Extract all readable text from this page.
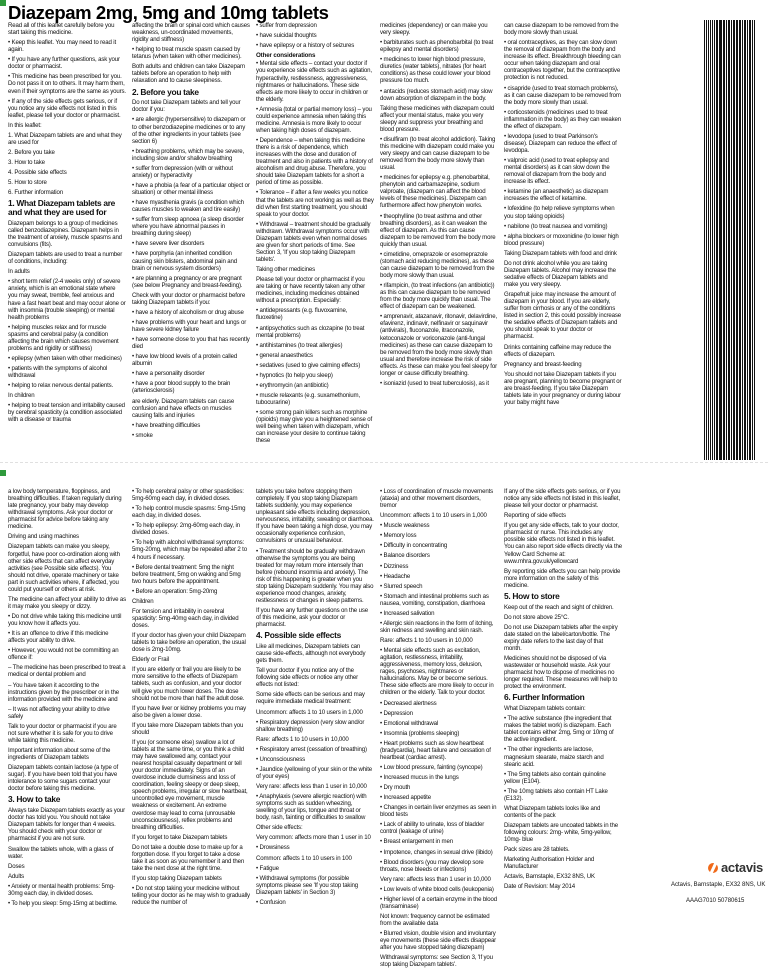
Diazepam 2mg, 5mg and 10mg tablets

Read all of this leaflet carefully before you start taking this medicine.

• Keep this leaflet. You may need to read it again.

• If you have any further questions, ask your doctor or pharmacist.

• This medicine has been prescribed for you. Do not pass it on to others. It may harm them, even if their symptoms are the same as yours.

• If any of the side effects gets serious, or if you notice any side effects not listed in this leaflet, please tell your doctor or pharmacist.

In this leaflet:

1. What Diazepam tablets are and what they are used for

2. Before you take

3. How to take

4. Possible side effects

5. How to store

6. Further information

1. What Diazepam tablets are and what they are used for

Diazepam belongs to a group of medicines called benzodiazepines. Diazepam helps in the treatment of anxiety, muscle spasms and convulsions (fits).

Diazepam tablets are used to treat a number of conditions, including:

In adults

• short term relief (2-4 weeks only) of severe anxiety, which is an emotional state where you may sweat, tremble, feel anxious and have a fast heart beat and may occur alone or with insomnia (trouble sleeping) or mental health problems

• helping muscles relax and for muscle spasms and cerebral palsy (a condition affecting the brain which causes movement problems and rigidity or stiffness)

• epilepsy (when taken with other medicines)

• patients with the symptoms of alcohol withdrawal

• helping to relax nervous dental patients.

In children

• helping to treat tension and irritability caused by cerebral spasticity (a condition associated with a disease or trauma

affecting the brain or spinal cord which causes weakness, un-coordinated movements, rigidity and stiffness)

• helping to treat muscle spasm caused by tetanus (when taken with other medicines).

Both adults and children can take Diazepam tablets before an operation to help with relaxation and to cause sleepiness.

2. Before you take

Do not take Diazepam tablets and tell your doctor if you:

• are allergic (hypersensitive) to diazepam or to other benzodiazepine medicines or to any of the other ingredients in your tablets (see section 6)

• breathing problems, which may be severe, including slow and/or shallow breathing

• suffer from depression (with or without anxiety) or hyperactivity

• have a phobia (a fear of a particular object or situation) or other mental illness

• have myasthenia gravis (a condition which causes muscles to weaken and tire easily)

• suffer from sleep apnoea (a sleep disorder where you have abnormal pauses in breathing during sleep)

• have severe liver disorders

• have porphyria (an inherited condition causing skin blisters, abdominal pain and brain or nervous system disorders)

• are planning a pregnancy or are pregnant (see below Pregnancy and breast-feeding).

Check with your doctor or pharmacist before taking Diazepam tablets if you:

• have a history of alcoholism or drug abuse

• have problems with your heart and lungs or have severe kidney failure

• have someone close to you that has recently died

• have low blood levels of a protein called albumin

• have a personality disorder

• have a poor blood supply to the brain (arteriosclerosis)

are elderly. Diazepam tablets can cause confusion and have effects on muscles causing falls and injuries

• have breathing difficulties

• smoke

• suffer from depression

• have suicidal thoughts

• have epilepsy or a history of seizures

Other considerations

• Mental side effects – contact your doctor if you experience side effects such as agitation, hyperactivity, restlessness, aggressiveness, nightmares or hallucinations. These side effects are more likely to occur in children or the elderly.

• Amnesia (total or partial memory loss) – you could experience amnesia when taking this medicine. Amnesia is more likely to occur when taking high doses of diazepam.

• Dependence – when taking this medicine there is a risk of dependence, which increases with the dose and duration of treatment and also in patients with a history of alcoholism and drug abuse. Therefore, you should take Diazepam tablets for a short a period of time as possible.

• Tolerance – if after a few weeks you notice that the tablets are not working as well as they did when first starting treatment, you should speak to your doctor.

• Withdrawal – treatment should be gradually withdrawn. Withdrawal symptoms occur with Diazepam tablets even when normal doses are given for short periods of time. See Section 3, 'If you stop taking Diazepam tablets'.

Taking other medicines

Please tell your doctor or pharmacist if you are taking or have recently taken any other medicines, including medicines obtained without a prescription. Especially:

• antidepressants (e.g. fluvoxamine, fluoxetine)

• antipsychotics such as clozapine (to treat mental problems)

• antihistamines (to treat allergies)

• general anaesthetics

• sedatives (used to give calming effects)

• hypnotics (to help you sleep)

• erythromycin (an antibiotic)

• muscle relaxants (e.g. suxamethonium, tubocurarine)

• some strong pain killers such as morphine (opioids) may give you a heightened sense of well being when taken with diazepam, which can increase your desire to continue taking these

medicines (dependency) or can make you very sleepy.

• barbiturates such as phenobarbital (to treat epilepsy and mental disorders)

• medicines to lower high blood pressure, diuretics (water tablets), nitrates (for heart conditions) as these could lower your blood pressure too much.

• antacids (reduces stomach acid) may slow down absorption of diazepam in the body.

Taking these medicines with diazepam could affect your mental status, make you very sleepy and suppress your breathing and blood pressure.

• disulfiram (to treat alcohol addiction). Taking this medicine with diazepam could make you very sleepy and can cause diazepam to be removed from the body more slowly than usual.

• medicines for epilepsy e.g. phenobarbital, phenytoin and carbamazepine, sodium valproate, (diazepam can affect the blood levels of these medicines). Diazepam can furthermore affect how phenytoin works.

• theophylline (to treat asthma and other breathing disorders), as it can weaken the effect of diazepam. As this can cause diazepam to be removed from the body more quickly than usual.

• cimetidine, omeprazole or esomeprazole (stomach acid reducing medicines), as these can cause diazepam to be removed from the body more slowly than usual.

• rifampicin, (to treat infections (an antibiotic)) as this can cause diazepam to be removed from the body more quickly than usual. The effect of diazepam can be weakened.

• amprenavir, atazanavir, ritonavir, delavirdine, efavirenz, indinavir, nelfinavir or saquinavir (antivirals), fluconazole, itraconazole, ketoconazole or voriconazole (anti-fungal medicines) as these can cause diazepam to be removed from the body more slowly than usual and therefore increase the risk of side effects. As these can make you feel sleepy for longer or cause difficulty breathing.

• isoniazid (used to treat tuberculosis), as it

can cause diazepam to be removed from the body more slowly than usual.

• oral contraceptives, as they can slow down the removal of diazepam from the body and increase its effect. Breakthrough bleeding can occur when taking diazepam and oral contraceptives together, but the contraceptive protection is not reduced.

• cisapride (used to treat stomach problems), as it can cause diazepam to be removed from the body more slowly than usual.

• corticosteroids (medicines used to treat inflammation in the body) as they can weaken the effect of diazepam.

• levodopa (used to treat Parkinson's disease). Diazepam can reduce the effect of levodopa.

• valproic acid (used to treat epilepsy and mental disorders) as it can slow down the removal of diazepam from the body and increase its effect.

• ketamine (an anaesthetic) as diazepam increases the effect of ketamine.

• lofexidine (to help relieve symptoms when you stop taking opioids)

• nabilone (to treat nausea and vomiting)

• alpha blockers or moxonidine (to lower high blood pressure)

Taking Diazepam tablets with food and drink

Do not drink alcohol while you are taking Diazepam tablets. Alcohol may increase the sedative effects of Diazepam tablets and make you very sleepy.

Grapefruit juice may increase the amount of diazepam in your blood. If you are elderly, suffer from cirrhosis or any of the conditions listed in section 2, this could possibly increase the sedative effects of Diazepam tablets and you should speak to your doctor or pharmacist.

Drinks containing caffeine may reduce the effects of diazepam.

Pregnancy and breast-feeding

You should not take Diazepam tablets if you are pregnant, planning to become pregnant or are breast-feeding. If you take Diazepam tablets late in your pregnancy or during labour your baby might have

a low body temperature, floppiness, and breathing difficulties. If taken regularly during late pregnancy, your baby may develop withdrawal symptoms. Ask your doctor or pharmacist for advice before taking any medicine.

Driving and using machines

Diazepam tablets can make you sleepy, forgetful, have poor co-ordination along with other side effects that can affect everyday activities (see Possible side effects). You should not drive, operate machinery or take part in such activities where, if affected, you could put yourself or others at risk.

The medicine can affect your ability to drive as it may make you sleepy or dizzy.

• Do not drive while taking this medicine until you know how it affects you.

• It is an offence to drive if this medicine affects your ability to drive.

• However, you would not be committing an offence if:

– The medicine has been prescribed to treat a medical or dental problem and

– You have taken it according to the instructions given by the prescriber or in the information provided with the medicine and

– It was not affecting your ability to drive safely

Talk to your doctor or pharmacist if you are not sure whether it is safe for you to drive while taking this medicine.

Important information about some of the ingredients of Diazepam tablets

Diazepam tablets contain lactose (a type of sugar). If you have been told that you have intolerance to some sugars contact your doctor before taking this medicine.

3. How to take

Always take Diazepam tablets exactly as your doctor has told you. You should not take Diazepam tablets for longer than 4 weeks. You should check with your doctor or pharmacist if you are not sure.

Swallow the tablets whole, with a glass of water.

Doses

Adults

• Anxiety or mental health problems: 5mg-30mg each day, in divided doses.

• To help you sleep: 5mg-15mg at bedtime.

• To help cerebral palsy or other spasticities: 5mg-60mg each day, in divided doses.

• To help control muscle spasms: 5mg-15mg each day, in divided doses.

• To help epilepsy: 2mg-60mg each day, in divided doses.

• To help with alcohol withdrawal symptoms: 5mg-20mg, which may be repeated after 2 to 4 hours if necessary.

• Before dental treatment: 5mg the night before treatment, 5mg on waking and 5mg two hours before the appointment.

• Before an operation: 5mg-20mg

Children

For tension and irritability in cerebral spasticity: 5mg-40mg each day, in divided doses.

If your doctor has given your child Diazepam tablets to take before an operation, the usual dose is 2mg-10mg.

Elderly or Frail

If you are elderly or frail you are likely to be more sensitive to the effects of Diazepam tablets, such as confusion, and your doctor will give you much lower doses. The dose should not be more than half the adult dose.

If you have liver or kidney problems you may also be given a lower dose.

If you take more Diazepam tablets than you should

If you (or someone else) swallow a lot of tablets at the same time, or you think a child may have swallowed any, contact your nearest hospital casualty department or tell your doctor immediately. Signs of an overdose include clumsiness and loss of coordination, feeling sleepy or deep sleep, speech problems, irregular or slow heartbeat, uncontrolled eye movement, muscle weakness or excitement. An extreme overdose may lead to coma (unrousable unconsciousness), reflex problems and breathing difficulties.

If you forget to take Diazepam tablets

Do not take a double dose to make up for a forgotten dose. If you forget to take a dose take it as soon as you remember it and then take the next dose at the right time.

If you stop taking Diazepam tablets

• Do not stop taking your medicine without telling your doctor as he may wish to gradually reduce the number of

tablets you take before stopping them completely. If you stop taking Diazepam tablets suddenly, you may experience unpleasant side effects including depression, nervousness, irritability, sweating or diarrhoea. If you have been taking a high dose, you may occasionally experience confusion, convulsions or unusual behaviour.

• Treatment should be gradually withdrawn otherwise the symptoms you are being treated for may return more intensely than before (rebound insomnia and anxiety). The risk of this happening is greater when you stop taking Diazepam suddenly. You may also experience mood changes, anxiety, restlessness or changes in sleep patterns.

If you have any further questions on the use of this medicine, ask your doctor or pharmacist.

4. Possible side effects

Like all medicines, Diazepam tablets can cause side-effects, although not everybody gets them.

Tell your doctor if you notice any of the following side effects or notice any other effects not listed:

Some side effects can be serious and may require immediate medical treatment:

Uncommon: affects 1 to 10 users in 1,000

• Respiratory depression (very slow and/or shallow breathing)

Rare: affects 1 to 10 users in 10,000

• Respiratory arrest (cessation of breathing)

• Unconsciousness

• Jaundice (yellowing of your skin or the white of your eyes)

Very rare: affects less than 1 user in 10,000

• Anaphylaxis (severe allergic reaction) with symptoms such as sudden wheezing, swelling of your lips, tongue and throat or body, rash, fainting or difficulties to swallow

Other side effects:

Very common: affects more than 1 user in 10

• Drowsiness

Common: affects 1 to 10 users in 100

• Fatigue

• Withdrawal symptoms (for possible symptoms please see 'If you stop taking Diazepam tablets' in Section 3)

• Confusion

• Loss of coordination of muscle movements (ataxia) and other movement disorders, tremor

Uncommon: affects 1 to 10 users in 1,000

• Muscle weakness

• Memory loss

• Difficulty in concentrating

• Balance disorders

• Dizziness

• Headache

• Slurred speech

• Stomach and intestinal problems such as nausea, vomiting, constipation, diarrhoea

• Increased salivation

• Allergic skin reactions in the form of itching, skin redness and swelling and skin rash.

Rare: affects 1 to 10 users in 10,000

• Mental side effects such as excitation, agitation, restlessness, irritability, aggressiveness, memory loss, delusion, rages, psychoses, nightmares or hallucinations. May be or become serious. These side effects are more likely to occur in children or the elderly. Talk to your doctor.

• Decreased alertness

• Depression

• Emotional withdrawal

• Insomnia (problems sleeping)

• Heart problems such as slow heartbeat (bradycardia), heart failure and cessation of heartbeat (cardiac arrest).

• Low blood pressure, fainting (syncope)

• Increased mucus in the lungs

• Dry mouth

• Increased appetite

• Changes in certain liver enzymes as seen in blood tests

• Lack of ability to urinate, loss of bladder control (leakage of urine)

• Breast enlargement in men

• Impotence, changes in sexual drive (libido)

• Blood disorders (you may develop sore throats, nose bleeds or infections)

Very rare: affects less than 1 user in 10,000

• Low levels of white blood cells (leukopenia)

• Higher level of a certain enzyme in the blood (transaminase)

Not known: frequency cannot be estimated from the available data

• Blurred vision, double vision and involuntary eye movements (these side effects disappear after you have stopped taking diazepam)

Withdrawal symptoms: see Section 3, 'If you stop taking Diazepam tablets'.

If any of the side effects gets serious, or if you notice any side effects not listed in this leaflet, please tell your doctor or pharmacist.

Reporting of side effects

If you get any side effects, talk to your doctor, pharmacist or nurse. This includes any possible side effects not listed in this leaflet. You can also report side effects directly via the Yellow Card Scheme at: www.mhra.gov.uk/yellowcard

By reporting side effects you can help provide more information on the safety of this medicine.

5. How to store

Keep out of the reach and sight of children.

Do not store above 25°C.

Do not use Diazepam tablets after the expiry date stated on the label/carton/bottle. The expiry date refers to the last day of that month.

Medicines should not be disposed of via wastewater or household waste. Ask your pharmacist how to dispose of medicines no longer required. These measures will help to protect the environment.

6. Further Information

What Diazepam tablets contain:

• The active substance (the ingredient that makes the tablet work) is diazepam. Each tablet contains either 2mg, 5mg or 10mg of the active ingredient.

• The other ingredients are lactose, magnesium stearate, maize starch and stearic acid.

• The 5mg tablets also contain quinoline yellow (E104).

• The 10mg tablets also contain HT Lake (E132).

What Diazepam tablets looks like and contents of the pack

Diazepam tablets are uncoated tablets in the following colours: 2mg- white, 5mg-yellow, 10mg- blue

Pack sizes are 28 tablets.

Marketing Authorisation Holder and Manufacturer

Actavis, Barnstaple, EX32 8NS, UK

Date of Revision: May 2014

actavis
Actavis, Barnstaple, EX32 8NS, UK
AAAG7010 50780615
